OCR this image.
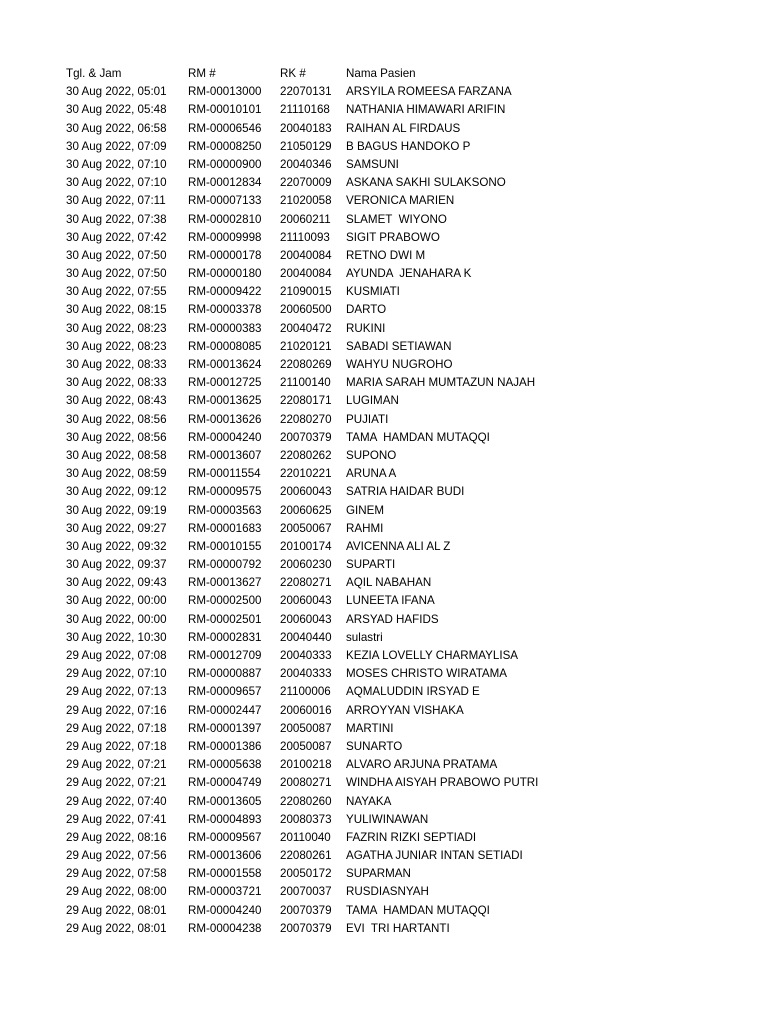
Tgl. & Jam	RM #	RK #	Nama Pasien
30 Aug 2022, 05:01	RM-00013000	22070131	ARSYILA ROMEESA FARZANA
30 Aug 2022, 05:48	RM-00010101	21110168	NATHANIA HIMAWARI ARIFIN
30 Aug 2022, 06:58	RM-00006546	20040183	RAIHAN AL FIRDAUS
30 Aug 2022, 07:09	RM-00008250	21050129	B BAGUS HANDOKO P
30 Aug 2022, 07:10	RM-00000900	20040346	SAMSUNI
30 Aug 2022, 07:10	RM-00012834	22070009	ASKANA SAKHI SULAKSONO
30 Aug 2022, 07:11	RM-00007133	21020058	VERONICA MARIEN
30 Aug 2022, 07:38	RM-00002810	20060211	SLAMET  WIYONO
30 Aug 2022, 07:42	RM-00009998	21110093	SIGIT PRABOWO
30 Aug 2022, 07:50	RM-00000178	20040084	RETNO DWI M
30 Aug 2022, 07:50	RM-00000180	20040084	AYUNDA  JENAHARA K
30 Aug 2022, 07:55	RM-00009422	21090015	KUSMIATI
30 Aug 2022, 08:15	RM-00003378	20060500	DARTO
30 Aug 2022, 08:23	RM-00000383	20040472	RUKINI
30 Aug 2022, 08:23	RM-00008085	21020121	SABADI SETIAWAN
30 Aug 2022, 08:33	RM-00013624	22080269	WAHYU NUGROHO
30 Aug 2022, 08:33	RM-00012725	21100140	MARIA SARAH MUMTAZUN NAJAH
30 Aug 2022, 08:43	RM-00013625	22080171	LUGIMAN
30 Aug 2022, 08:56	RM-00013626	22080270	PUJIATI
30 Aug 2022, 08:56	RM-00004240	20070379	TAMA  HAMDAN MUTAQQI
30 Aug 2022, 08:58	RM-00013607	22080262	SUPONO
30 Aug 2022, 08:59	RM-00011554	22010221	ARUNA A
30 Aug 2022, 09:12	RM-00009575	20060043	SATRIA HAIDAR BUDI
30 Aug 2022, 09:19	RM-00003563	20060625	GINEM
30 Aug 2022, 09:27	RM-00001683	20050067	RAHMI
30 Aug 2022, 09:32	RM-00010155	20100174	AVICENNA ALI AL Z
30 Aug 2022, 09:37	RM-00000792	20060230	SUPARTI
30 Aug 2022, 09:43	RM-00013627	22080271	AQIL NABAHAN
30 Aug 2022, 00:00	RM-00002500	20060043	LUNEETA IFANA
30 Aug 2022, 00:00	RM-00002501	20060043	ARSYAD HAFIDS
30 Aug 2022, 10:30	RM-00002831	20040440	sulastri
29 Aug 2022, 07:08	RM-00012709	20040333	KEZIA LOVELLY CHARMAYLISA
29 Aug 2022, 07:10	RM-00000887	20040333	MOSES CHRISTO WIRATAMA
29 Aug 2022, 07:13	RM-00009657	21100006	AQMALUDDIN IRSYAD E
29 Aug 2022, 07:16	RM-00002447	20060016	ARROYYAN VISHAKA
29 Aug 2022, 07:18	RM-00001397	20050087	MARTINI
29 Aug 2022, 07:18	RM-00001386	20050087	SUNARTO
29 Aug 2022, 07:21	RM-00005638	20100218	ALVARO ARJUNA PRATAMA
29 Aug 2022, 07:21	RM-00004749	20080271	WINDHA AISYAH PRABOWO PUTRI
29 Aug 2022, 07:40	RM-00013605	22080260	NAYAKA
29 Aug 2022, 07:41	RM-00004893	20080373	YULIWINAWAN
29 Aug 2022, 08:16	RM-00009567	20110040	FAZRIN RIZKI SEPTIADI
29 Aug 2022, 07:56	RM-00013606	22080261	AGATHA JUNIAR INTAN SETIADI
29 Aug 2022, 07:58	RM-00001558	20050172	SUPARMAN
29 Aug 2022, 08:00	RM-00003721	20070037	RUSDIASNYAH
29 Aug 2022, 08:01	RM-00004240	20070379	TAMA  HAMDAN MUTAQQI
29 Aug 2022, 08:01	RM-00004238	20070379	EVI  TRI HARTANTI
